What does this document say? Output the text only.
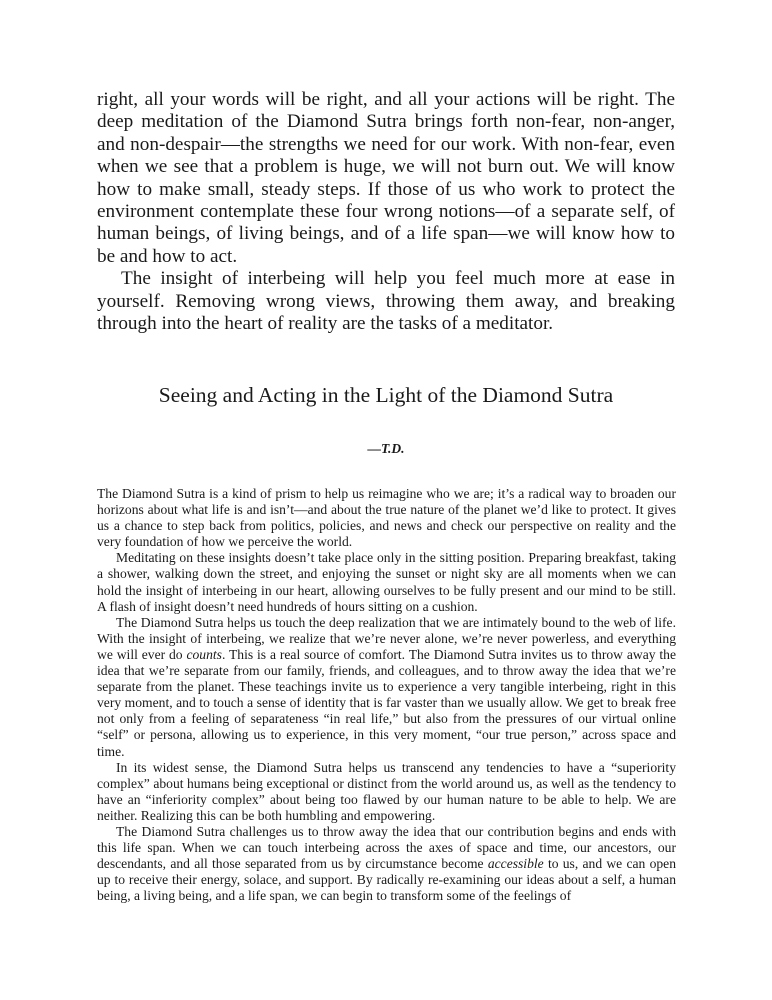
right, all your words will be right, and all your actions will be right. The deep meditation of the Diamond Sutra brings forth non-fear, non-anger, and non-despair—the strengths we need for our work. With non-fear, even when we see that a problem is huge, we will not burn out. We will know how to make small, steady steps. If those of us who work to protect the environment contemplate these four wrong notions—of a separate self, of human beings, of living beings, and of a life span—we will know how to be and how to act.

The insight of interbeing will help you feel much more at ease in yourself. Removing wrong views, throwing them away, and breaking through into the heart of reality are the tasks of a meditator.

Seeing and Acting in the Light of the Diamond Sutra
—T.D.

The Diamond Sutra is a kind of prism to help us reimagine who we are; it’s a radical way to broaden our horizons about what life is and isn’t—and about the true nature of the planet we’d like to protect. It gives us a chance to step back from politics, policies, and news and check our perspective on reality and the very foundation of how we perceive the world.

Meditating on these insights doesn’t take place only in the sitting position. Preparing breakfast, taking a shower, walking down the street, and enjoying the sunset or night sky are all moments when we can hold the insight of interbeing in our heart, allowing ourselves to be fully present and our mind to be still. A flash of insight doesn’t need hundreds of hours sitting on a cushion.

The Diamond Sutra helps us touch the deep realization that we are intimately bound to the web of life. With the insight of interbeing, we realize that we’re never alone, we’re never powerless, and everything we will ever do counts. This is a real source of comfort. The Diamond Sutra invites us to throw away the idea that we’re separate from our family, friends, and colleagues, and to throw away the idea that we’re separate from the planet. These teachings invite us to experience a very tangible interbeing, right in this very moment, and to touch a sense of identity that is far vaster than we usually allow. We get to break free not only from a feeling of separateness “in real life,” but also from the pressures of our virtual online “self” or persona, allowing us to experience, in this very moment, “our true person,” across space and time.

In its widest sense, the Diamond Sutra helps us transcend any tendencies to have a “superiority complex” about humans being exceptional or distinct from the world around us, as well as the tendency to have an “inferiority complex” about being too flawed by our human nature to be able to help. We are neither. Realizing this can be both humbling and empowering.

The Diamond Sutra challenges us to throw away the idea that our contribution begins and ends with this life span. When we can touch interbeing across the axes of space and time, our ancestors, our descendants, and all those separated from us by circumstance become accessible to us, and we can open up to receive their energy, solace, and support. By radically re-examining our ideas about a self, a human being, a living being, and a life span, we can begin to transform some of the feelings of
